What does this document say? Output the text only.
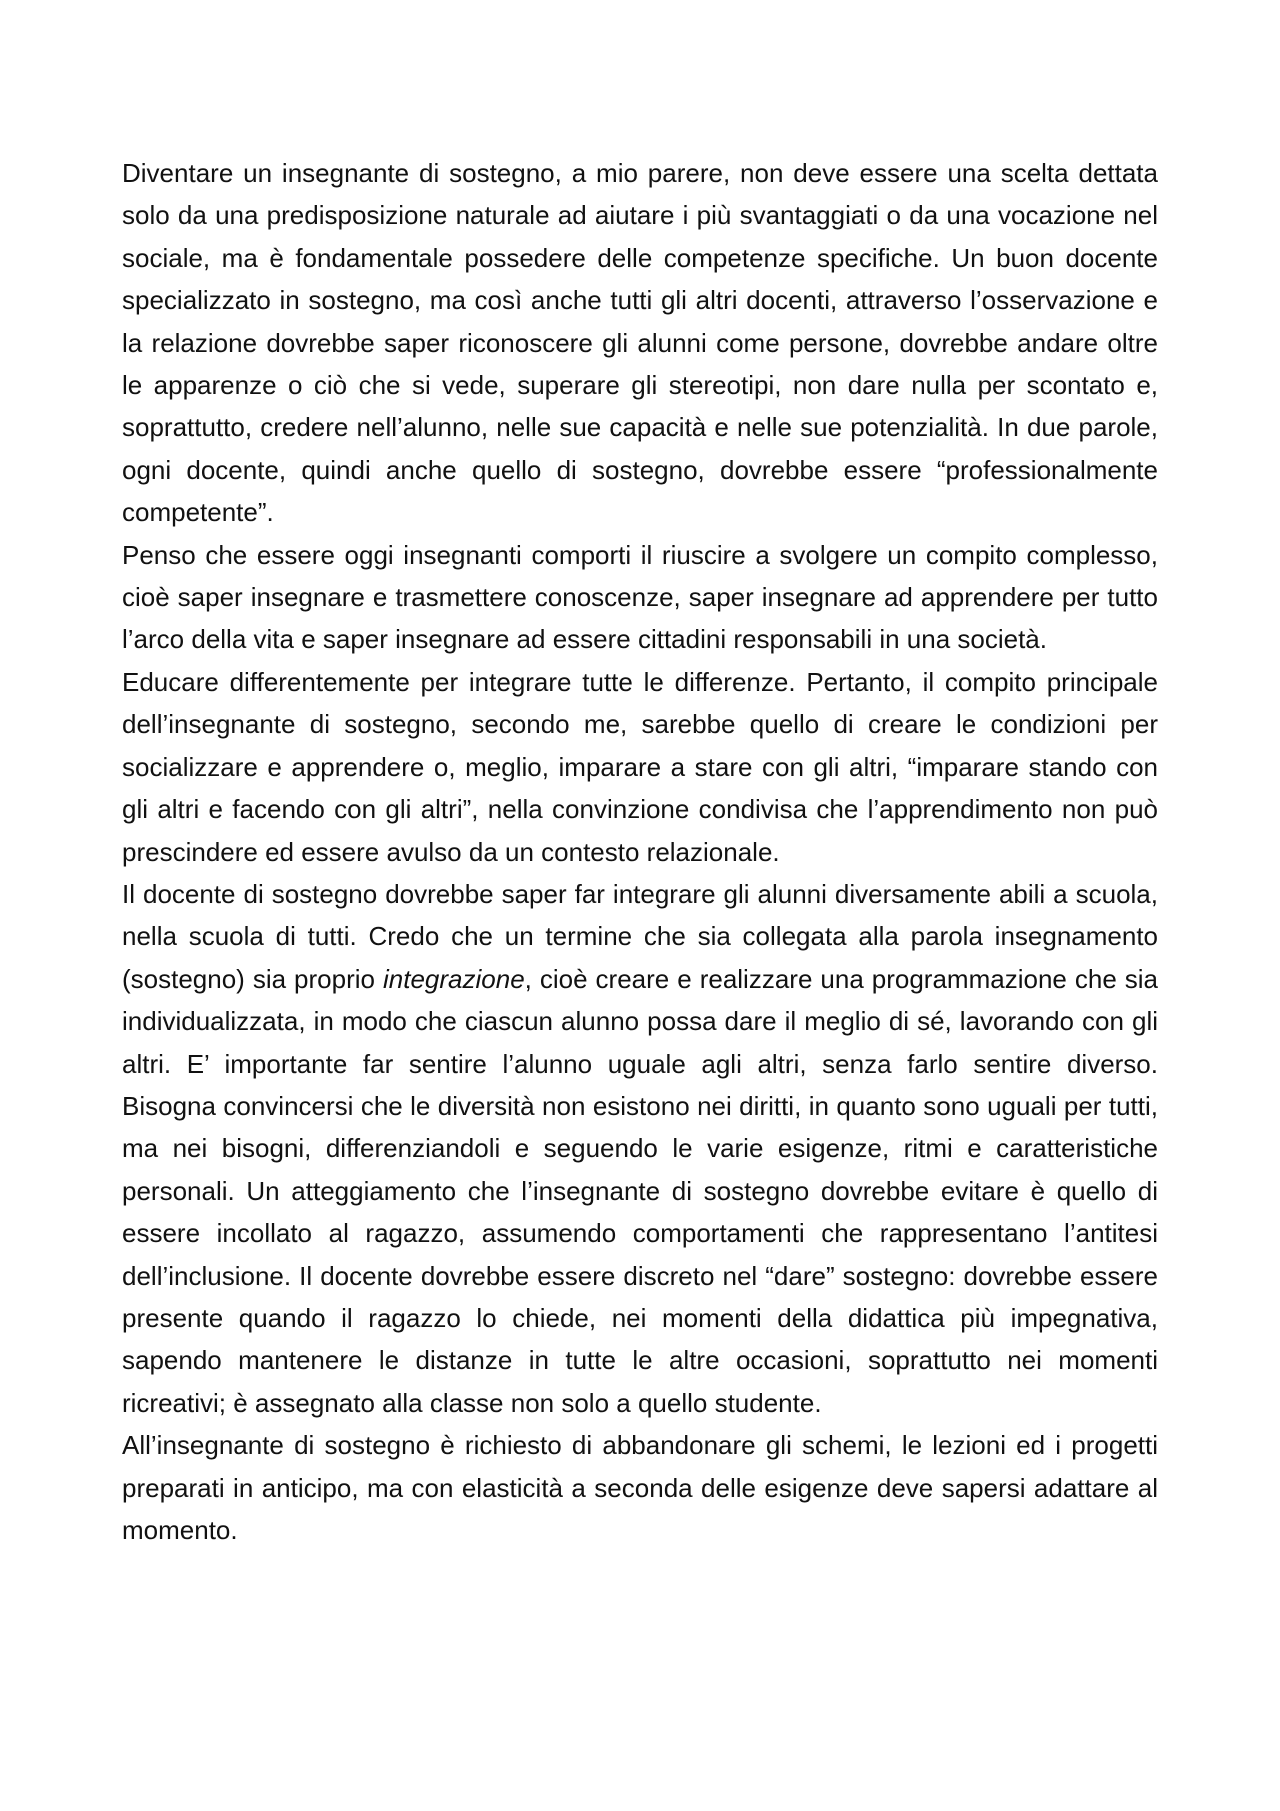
Diventare un insegnante di sostegno, a mio parere, non deve essere una scelta dettata solo da una predisposizione naturale ad aiutare i più svantaggiati o da una vocazione nel sociale, ma è fondamentale possedere delle competenze specifiche. Un buon docente specializzato in sostegno, ma così anche tutti gli altri docenti, attraverso l’osservazione e la relazione dovrebbe saper riconoscere gli alunni come persone, dovrebbe andare oltre le apparenze o ciò che si vede, superare gli stereotipi, non dare nulla per scontato e, soprattutto, credere nell’alunno, nelle sue capacità e nelle sue potenzialità. In due parole, ogni docente, quindi anche quello di sostegno, dovrebbe essere “professionalmente competente”.

Penso che essere oggi insegnanti comporti il riuscire a svolgere un compito complesso, cioè saper insegnare e trasmettere conoscenze, saper insegnare ad apprendere per tutto l’arco della vita e saper insegnare ad essere cittadini responsabili in una società.

Educare differentemente per integrare tutte le differenze. Pertanto, il compito principale dell’insegnante di sostegno, secondo me, sarebbe quello di creare le condizioni per socializzare e apprendere o, meglio, imparare a stare con gli altri, “imparare stando con gli altri e facendo con gli altri”, nella convinzione condivisa che l’apprendimento non può prescindere ed essere avulso da un contesto relazionale.

Il docente di sostegno dovrebbe saper far integrare gli alunni diversamente abili a scuola, nella scuola di tutti. Credo che un termine che sia collegata alla parola insegnamento (sostegno) sia proprio integrazione, cioè creare e realizzare una programmazione che sia individualizzata, in modo che ciascun alunno possa dare il meglio di sé, lavorando con gli altri. E’ importante far sentire l’alunno uguale agli altri, senza farlo sentire diverso. Bisogna convincersi che le diversità non esistono nei diritti, in quanto sono uguali per tutti, ma nei bisogni, differenziandoli e seguendo le varie esigenze, ritmi e caratteristiche personali. Un atteggiamento che l’insegnante di sostegno dovrebbe evitare è quello di essere incollato al ragazzo, assumendo comportamenti che rappresentano l’antitesi dell’inclusione. Il docente dovrebbe essere discreto nel “dare” sostegno: dovrebbe essere presente quando il ragazzo lo chiede, nei momenti della didattica più impegnativa, sapendo mantenere le distanze in tutte le altre occasioni, soprattutto nei momenti ricreativi; è assegnato alla classe non solo a quello studente.

All’insegnante di sostegno è richiesto di abbandonare gli schemi, le lezioni ed i progetti preparati in anticipo, ma con elasticità a seconda delle esigenze deve sapersi adattare al momento.
